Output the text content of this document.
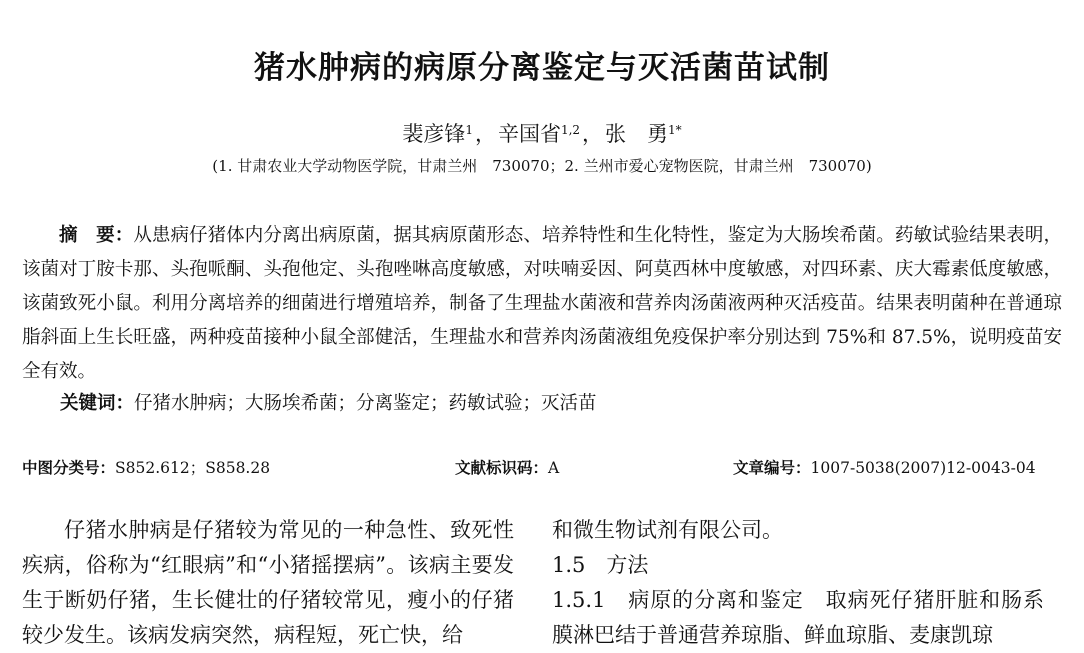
猪水肿病的病原分离鉴定与灭活菌苗试制
裴彦锋$^1$，辛国省$^{1,2}$，张　勇$^{1*}$
(1. 甘肃农业大学动物医学院，甘肃兰州　730070；2. 兰州市爱心宠物医院，甘肃兰州　730070)
摘　要：从患病仔猪体内分离出病原菌，据其病原菌形态、培养特性和生化特性，鉴定为大肠埃希菌。药敏试验结果表明，该菌对丁胺卡那、头孢哌酮、头孢他定、头孢唑啉高度敏感，对呋喃妥因、阿莫西林中度敏感，对四环素、庆大霉素低度敏感，该菌致死小鼠。利用分离培养的细菌进行增殖培养，制备了生理盐水菌液和营养肉汤菌液两种灭活疫苗。结果表明菌种在普通琼脂斜面上生长旺盛，两种疫苗接种小鼠全部健活，生理盐水和营养肉汤菌液组免疫保护率分别达到 75%和 87.5%，说明疫苗安全有效。
关键词：仔猪水肿病；大肠埃希菌；分离鉴定；药敏试验；灭活苗
中图分类号：S852.612；S858.28	文献标识码：A	文章编号：1007-5038(2007)12-0043-04

仔猪水肿病是仔猪较为常见的一种急性、致死性疾病，俗称为“红眼病”和“小猪摇摆病”。该病主要发生于断奶仔猪，生长健壮的仔猪较常见，瘦小的仔猪较少发生。该病发病突然，病程短，死亡快，给

和微生物试剂有限公司。
1.5　方法
1.5.1　病原的分离和鉴定　取病死仔猪肝脏和肠系膜淋巴结于普通营养琼脂、鲜血琼脂、麦康凯琼
